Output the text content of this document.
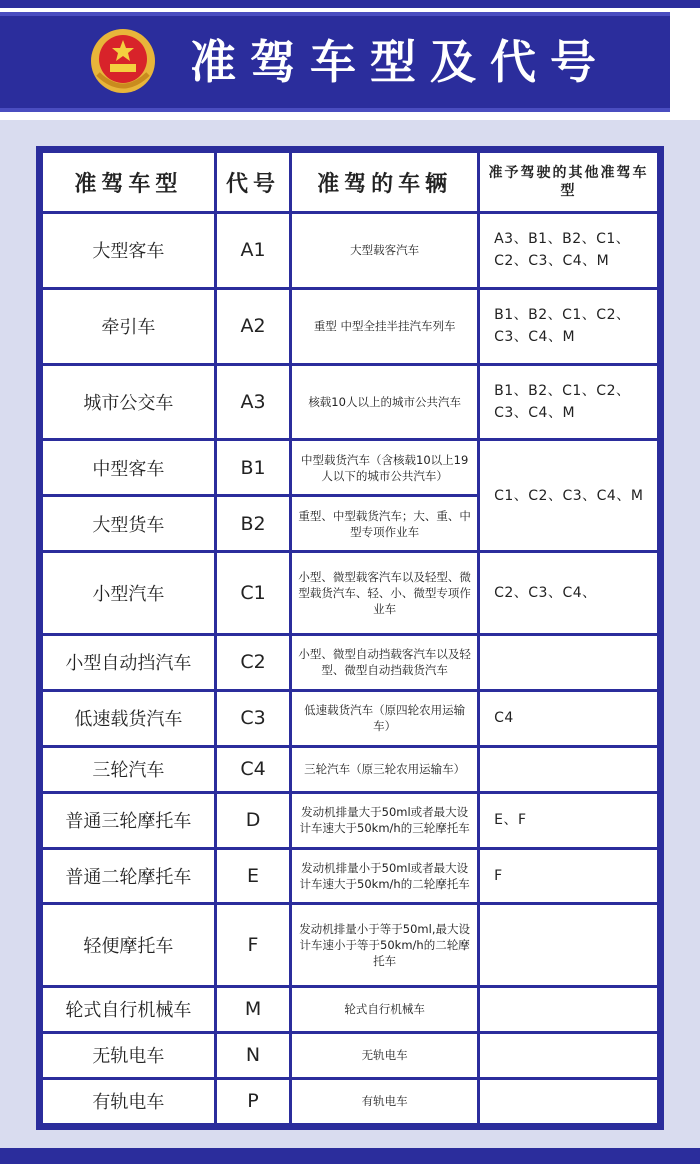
准驾车型及代号
准驾车型	代号	准驾的车辆	准予驾驶的其他准驾车型
大型客车	A1	大型载客汽车	A3、B1、B2、C1、C2、C3、C4、M
牵引车	A2	重型 中型全挂半挂汽车列车	B1、B2、C1、C2、C3、C4、M
城市公交车	A3	核载10人以上的城市公共汽车	B1、B2、C1、C2、C3、C4、M
中型客车	B1	中型载货汽车（含核载10以上19人以下的城市公共汽车）	C1、C2、C3、C4、M
大型货车	B2	重型、中型载货汽车；大、重、中型专项作业车	
小型汽车	C1	小型、微型载客汽车以及轻型、微型载货汽车、轻、小、微型专项作业车	C2、C3、C4、
小型自动挡汽车	C2	小型、微型自动挡载客汽车以及轻型、微型自动挡载货汽车	
低速载货汽车	C3	低速载货汽车（原四轮农用运输车）	C4
三轮汽车	C4	三轮汽车（原三轮农用运输车）	
普通三轮摩托车	D	发动机排量大于50ml或者最大设计车速大于50km/h的三轮摩托车	E、F
普通二轮摩托车	E	发动机排量小于50ml或者最大设计车速大于50km/h的二轮摩托车	F
轻便摩托车	F	发动机排量小于等于50ml,最大设计车速小于等于50km/h的二轮摩托车	
轮式自行机械车	M	轮式自行机械车	
无轨电车	N	无轨电车	
有轨电车	P	有轨电车	
